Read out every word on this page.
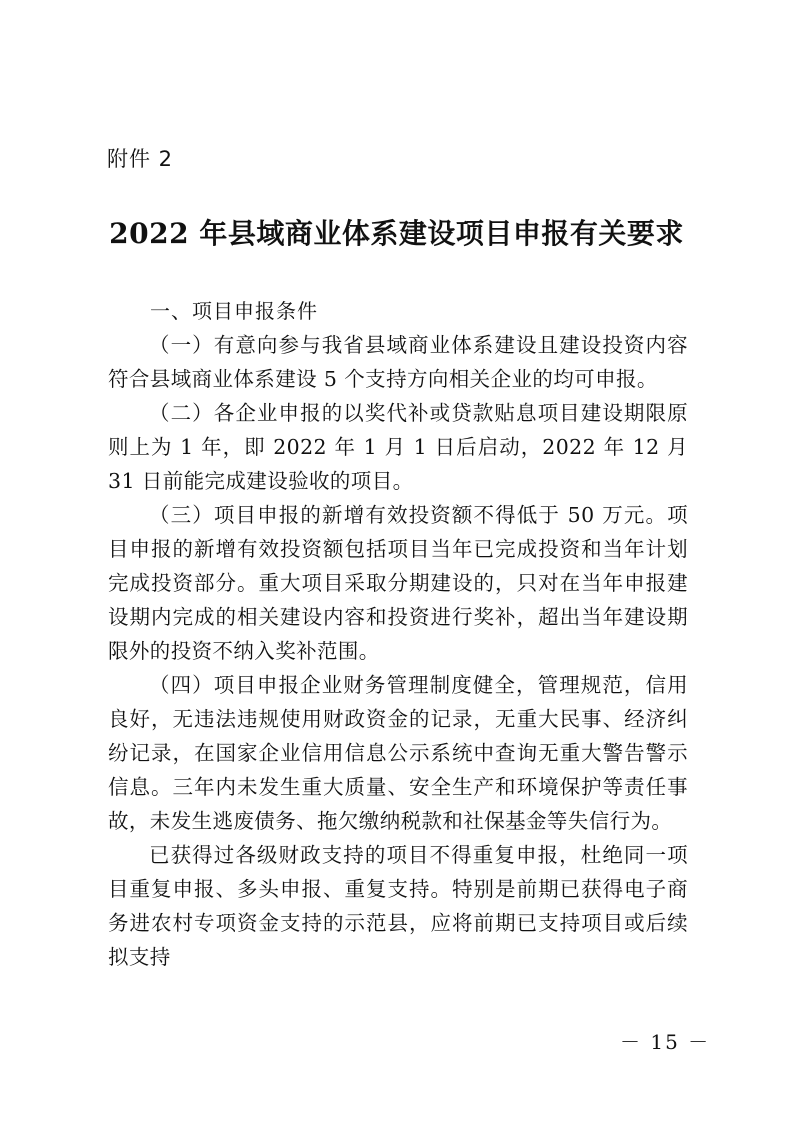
附件 2
2022 年县域商业体系建设项目申报有关要求

一、项目申报条件

（一）有意向参与我省县域商业体系建设且建设投资内容符合县域商业体系建设 5 个支持方向相关企业的均可申报。

（二）各企业申报的以奖代补或贷款贴息项目建设期限原则上为 1 年，即 2022 年 1 月 1 日后启动，2022 年 12 月 31 日前能完成建设验收的项目。

（三）项目申报的新增有效投资额不得低于 50 万元。项目申报的新增有效投资额包括项目当年已完成投资和当年计划完成投资部分。重大项目采取分期建设的，只对在当年申报建设期内完成的相关建设内容和投资进行奖补，超出当年建设期限外的投资不纳入奖补范围。

（四）项目申报企业财务管理制度健全，管理规范，信用良好，无违法违规使用财政资金的记录，无重大民事、经济纠纷记录，在国家企业信用信息公示系统中查询无重大警告警示信息。三年内未发生重大质量、安全生产和环境保护等责任事故，未发生逃废债务、拖欠缴纳税款和社保基金等失信行为。

已获得过各级财政支持的项目不得重复申报，杜绝同一项目重复申报、多头申报、重复支持。特别是前期已获得电子商务进农村专项资金支持的示范县，应将前期已支持项目或后续拟支持

－ 15 －
